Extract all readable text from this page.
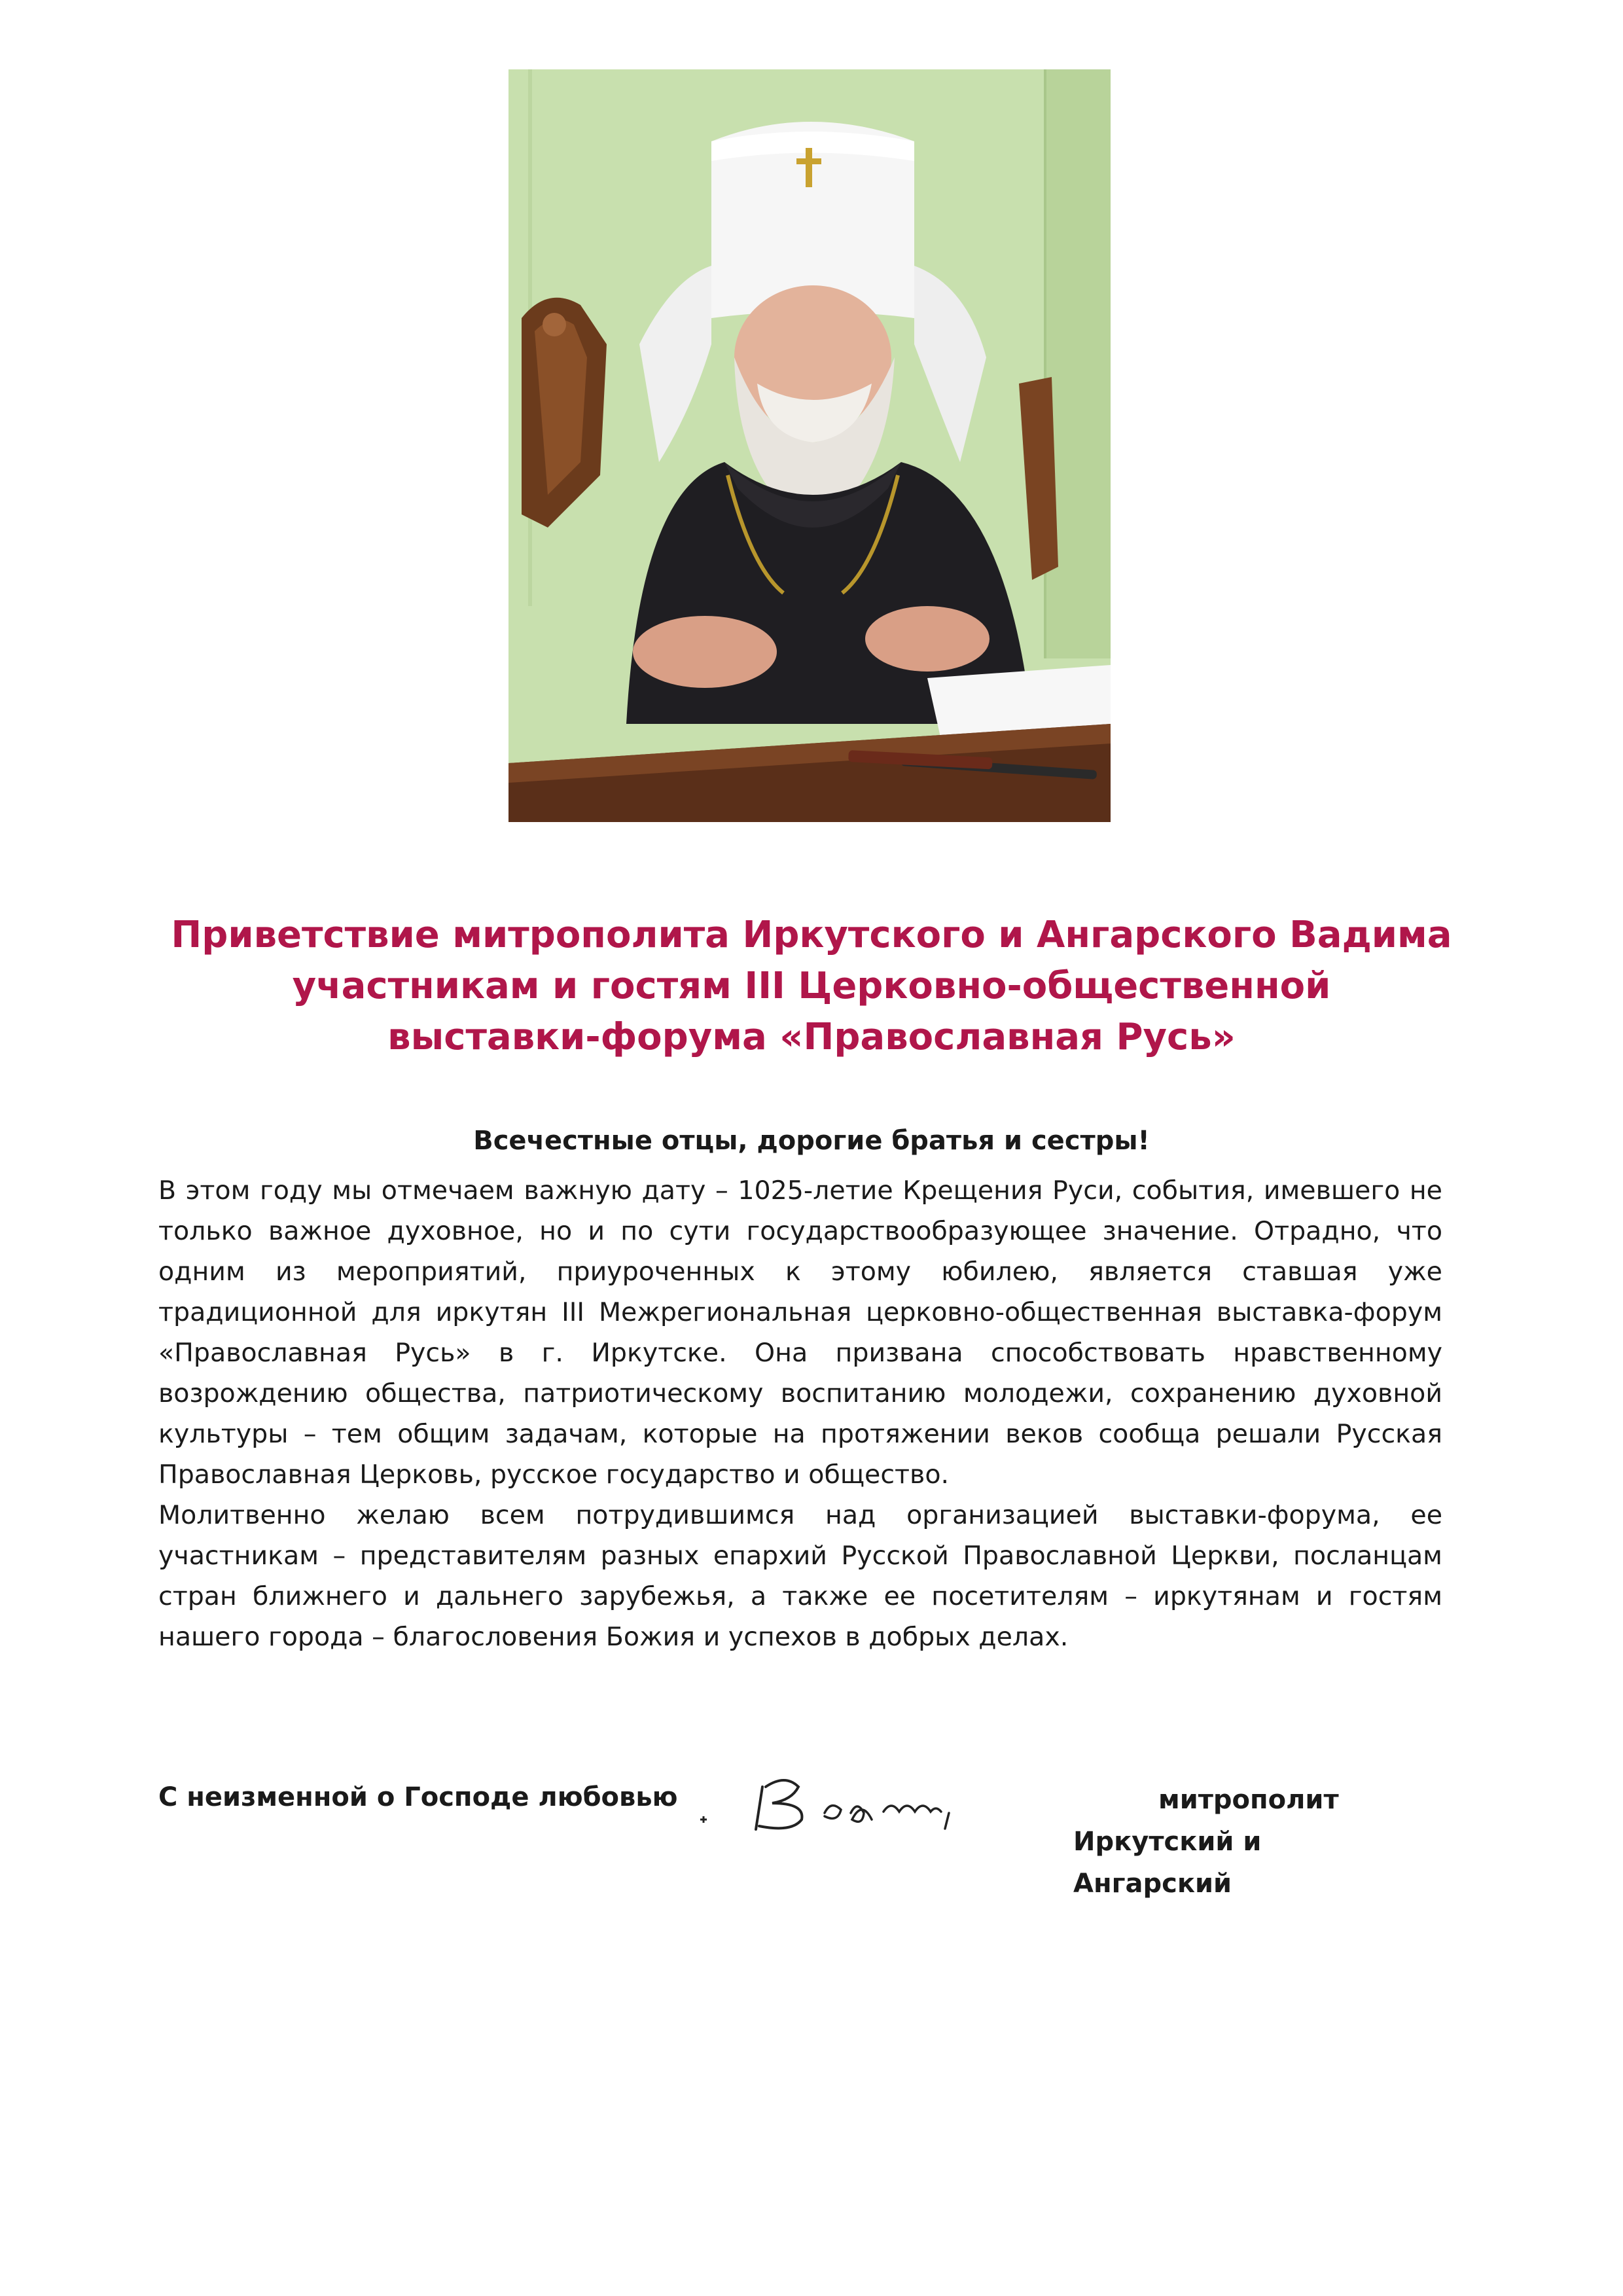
Приветствие митрополита Иркутского и Ангарского Вадима
участникам и гостям III Церковно-общественной
выставки-форума «Православная Русь»
Всечестные отцы, дорогие братья и сестры!

В этом году мы отмечаем важную дату – 1025-летие Крещения Руси, события, имевшего не только важное духовное, но и по сути государствообразующее значение. Отрадно, что одним из мероприятий, приуроченных к этому юбилею, является ставшая уже традиционной для иркутян III Межрегиональная церковно-общественная выставка-форум «Православная Русь» в г. Иркутске. Она призвана способствовать нравственному возрождению общества, патриотическому воспитанию молодежи, сохранению духовной культуры – тем общим задачам, которые на протяжении веков сообща решали Русская Православная Церковь, русское государство и общество.

Молитвенно желаю всем потрудившимся над организацией выставки-форума, ее участникам – представителям разных епархий Русской Православной Церкви, посланцам стран ближнего и дальнего зарубежья, а также ее посетителям – иркутянам и гостям нашего города – благословения Божия и успехов в добрых делах.

С неизменной о Господе любовью	митрополит
Иркутский и Ангарский
